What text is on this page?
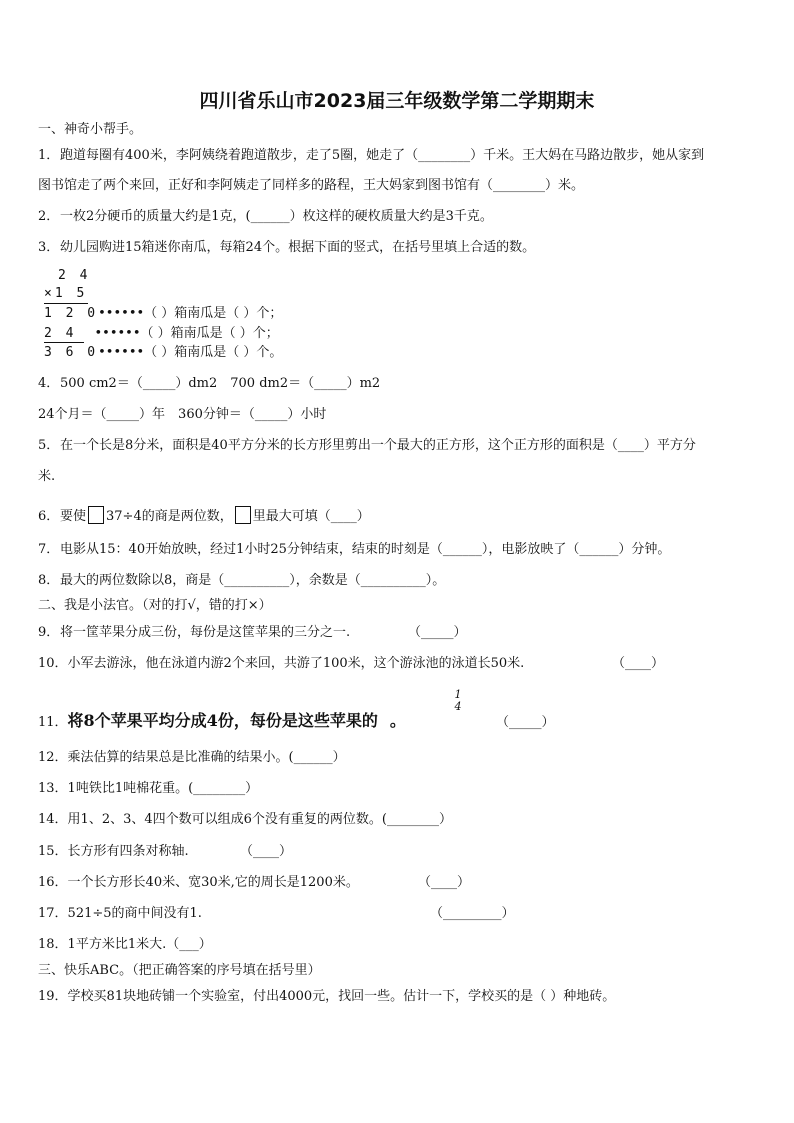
四川省乐山市2023届三年级数学第二学期期末
一、神奇小帮手。
1．跑道每圈有400米，李阿姨绕着跑道散步，走了5圈，她走了（________）千米。王大妈在马路边散步，她从家到
图书馆走了两个来回，正好和李阿姨走了同样多的路程，王大妈家到图书馆有（________）米。
2．一枚2分硬币的质量大约是1克，(______）枚这样的硬枚质量大约是3千克。
3．幼儿园购进15箱迷你南瓜，每箱24个。根据下面的竖式，在括号里填上合适的数。
2 4
×1 5
1 2 0••••••（ ）箱南瓜是（ ）个；
2 4 ••••••（ ）箱南瓜是（ ）个；
3 6 0••••••（ ）箱南瓜是（ ）个。
4．500 cm2＝（_____）dm2　700 dm2＝（_____）m2
24个月＝（_____）年　360分钟＝（_____）小时
5．在一个长是8分米，面积是40平方分米的长方形里剪出一个最大的正方形，这个正方形的面积是（____）平方分
米.
6．要使 37÷4的商是两位数， 里最大可填（____）
7．电影从15：40开始放映，经过1小时25分钟结束，结束的时刻是（______），电影放映了（______）分钟。
8．最大的两位数除以8，商是（__________），余数是（__________）。
二、我是小法官。（对的打√，错的打×）
9．将一筐苹果分成三份，每份是这筐苹果的三分之一.	（_____）
10．小军去游泳，他在泳道内游2个来回，共游了100米，这个游泳池的泳道长50米.	（____）
1
4
11．将8个苹果平均分成4份，每份是这些苹果的 。	（_____）
12．乘法估算的结果总是比准确的结果小。(______）
13．1吨铁比1吨棉花重。(________）
14．用1、2、3、4四个数可以组成6个没有重复的两位数。(________）
15．长方形有四条对称轴.	（____）
16．一个长方形长40米、宽30米,它的周长是1200米。	（____）
17．521÷5的商中间没有1.	（_________）
18．1平方米比1米大.（___）
三、快乐ABC。（把正确答案的序号填在括号里）
19．学校买81块地砖铺一个实验室，付出4000元，找回一些。估计一下，学校买的是（ ）种地砖。
